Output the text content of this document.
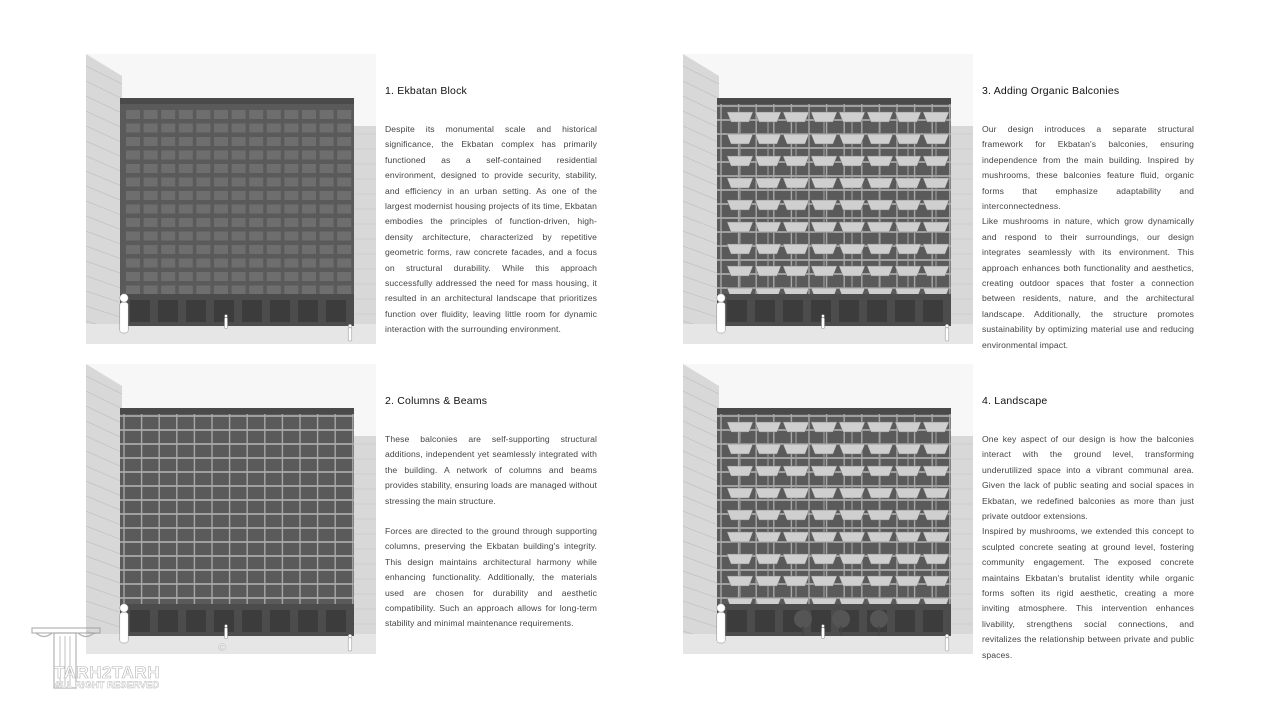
1. Ekbatan Block

Despite its monumental scale and historical significance, the Ekbatan complex has primarily functioned as a self-contained residential environment, designed to provide security, stability, and efficiency in an urban setting. As one of the largest modernist housing projects of its time, Ekbatan embodies the principles of function-driven, high-density architecture, characterized by repetitive geometric forms, raw concrete facades, and a focus on structural durability. While this approach successfully addressed the need for mass housing, it resulted in an architectural landscape that prioritizes function over fluidity, leaving little room for dynamic interaction with the surrounding environment.

2. Columns & Beams

These balconies are self-supporting structural additions, independent yet seamlessly integrated with the building. A network of columns and beams provides stability, ensuring loads are managed without stressing the main structure.

Forces are directed to the ground through supporting columns, preserving the Ekbatan building's integrity. This design maintains architectural harmony while enhancing functionality. Additionally, the materials used are chosen for durability and aesthetic compatibility. Such an approach allows for long-term stability and minimal maintenance requirements.

3. Adding Organic Balconies

Our design introduces a separate structural framework for Ekbatan's balconies, ensuring independence from the main building. Inspired by mushrooms, these balconies feature fluid, organic forms that emphasize adaptability and interconnectedness.

Like mushrooms in nature, which grow dynamically and respond to their surroundings, our design integrates seamlessly with its environment. This approach enhances both functionality and aesthetics, creating outdoor spaces that foster a connection between residents, nature, and the architectural landscape. Additionally, the structure promotes sustainability by optimizing material use and reducing environmental impact.

4. Landscape

One key aspect of our design is how the balconies interact with the ground level, transforming underutilized space into a vibrant communal area. Given the lack of public seating and social spaces in Ekbatan, we redefined balconies as more than just private outdoor extensions.

Inspired by mushrooms, we extended this concept to sculpted concrete seating at ground level, fostering community engagement. The exposed concrete maintains Ekbatan's brutalist identity while organic forms soften its rigid aesthetic, creating a more inviting atmosphere. This intervention enhances livability, strengthens social connections, and revitalizes the relationship between private and public spaces.

TARH2TARH
ALL RIGHT RESERVED
©
